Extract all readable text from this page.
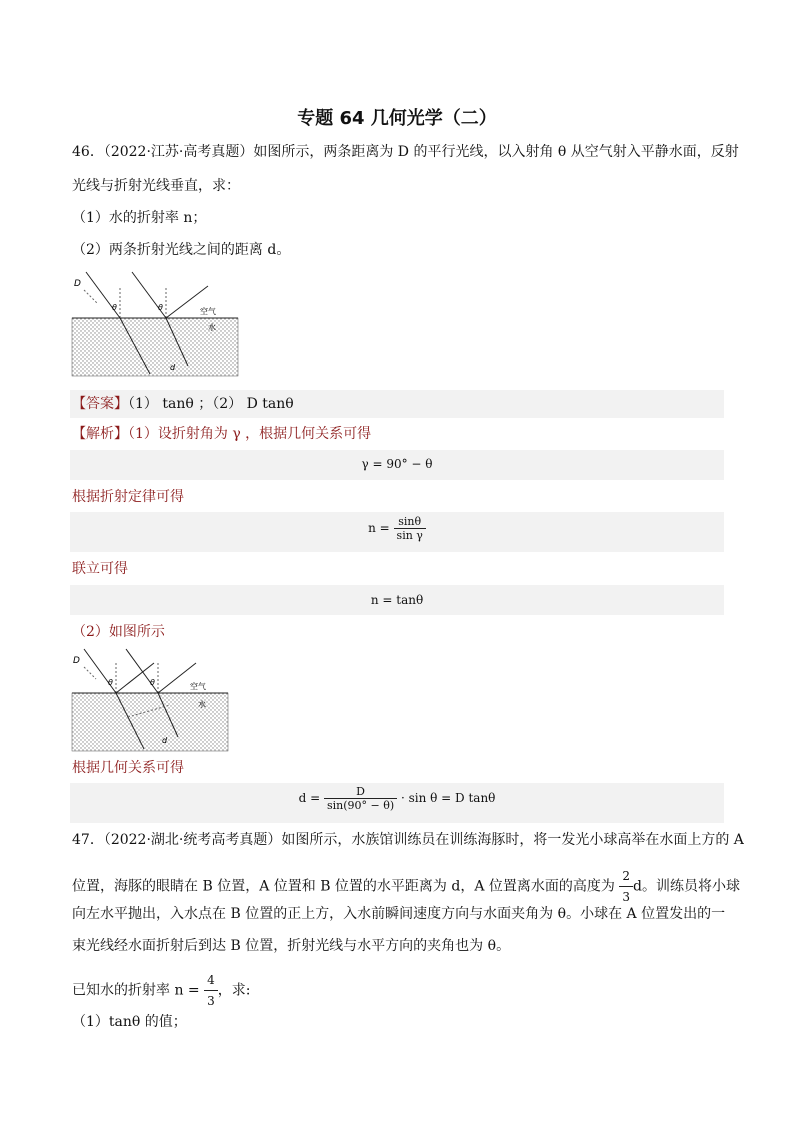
专题 64 几何光学（二）
46．（2022·江苏·高考真题）如图所示，两条距离为 D 的平行光线，以入射角 θ 从空气射入平静水面，反射
光线与折射光线垂直，求：
（1）水的折射率 n；
（2）两条折射光线之间的距离 d。
D
θ	θ	空气
水
d
【答案】（1） tanθ ；（2） D tanθ
【解析】（1）设折射角为 γ ，根据几何关系可得
γ = 90° − θ
根据折射定律可得
$n = \frac{\sin\theta}{\text{sin γ}}$
联立可得
n = tanθ
（2）如图所示
D
θ	θ	空气
水
d
根据几何关系可得
$d = \frac{D}{\sin(90^\circ - \theta)} \cdot \sin \theta = D$ tanθ
47．（2022·湖北·统考高考真题）如图所示，水族馆训练员在训练海豚时，将一发光小球高举在水面上方的 A
位置，海豚的眼睛在 B 位置，A 位置和 B 位置的水平距离为 d，A 位置离水面的高度为 $\frac{2}{3}$ d。训练员将小球
向左水平抛出，入水点在 B 位置的正上方，入水前瞬间速度方向与水面夹角为 θ。小球在 A 位置发出的一
束光线经水面折射后到达 B 位置，折射光线与水平方向的夹角也为 θ。
已知水的折射率 $n = \frac{4}{3}$ ，求:
（1）tanθ 的值；
